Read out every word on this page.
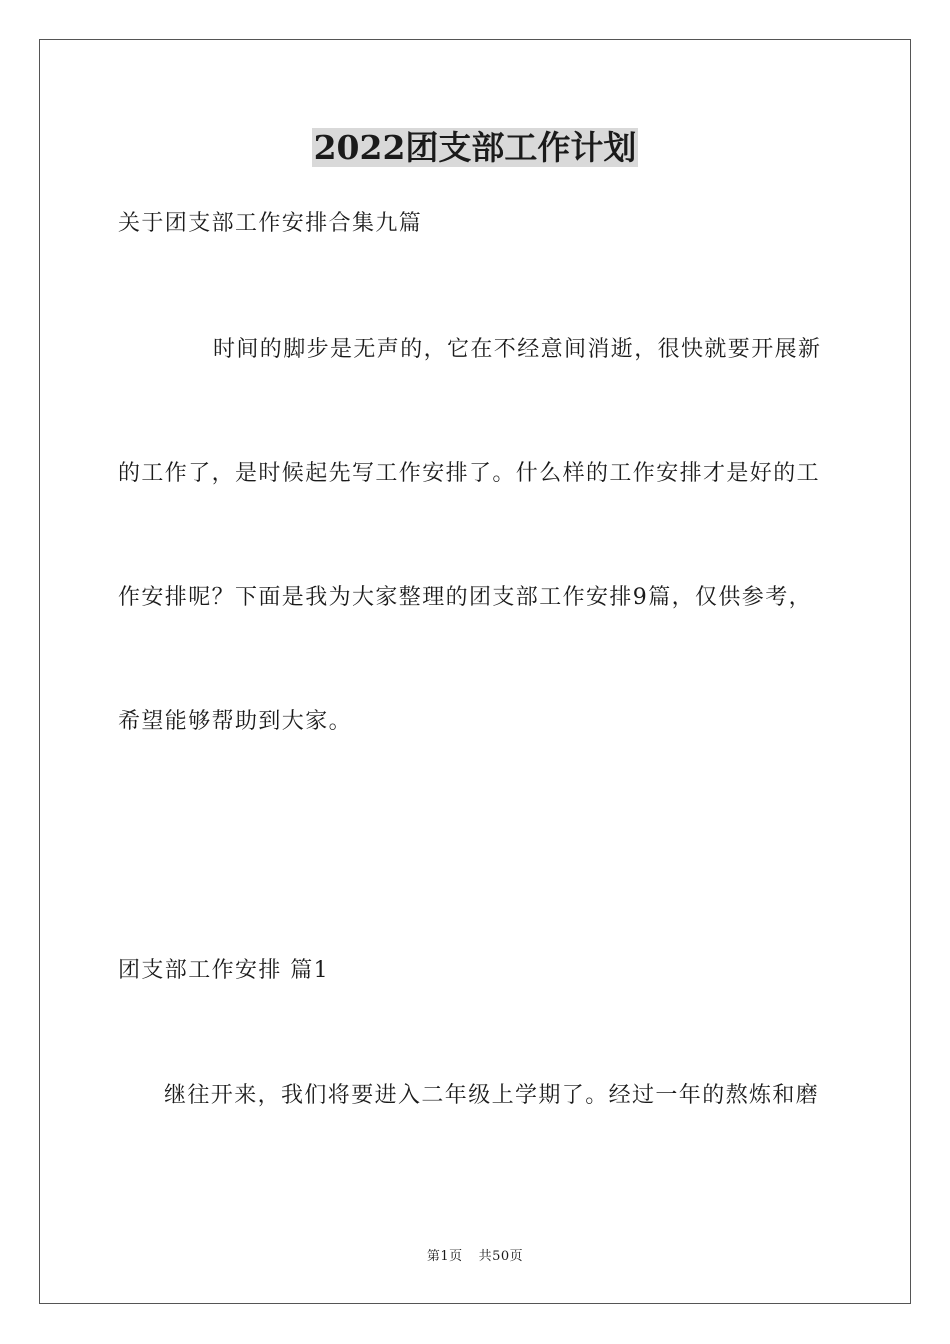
2022团支部工作计划
关于团支部工作安排合集九篇
时间的脚步是无声的，它在不经意间消逝，很快就要开展新
的工作了，是时候起先写工作安排了。什么样的工作安排才是好的工
作安排呢？下面是我为大家整理的团支部工作安排9篇，仅供参考，
希望能够帮助到大家。
团支部工作安排 篇1
继往开来，我们将要进入二年级上学期了。经过一年的熬炼和磨
第1页 共50页
